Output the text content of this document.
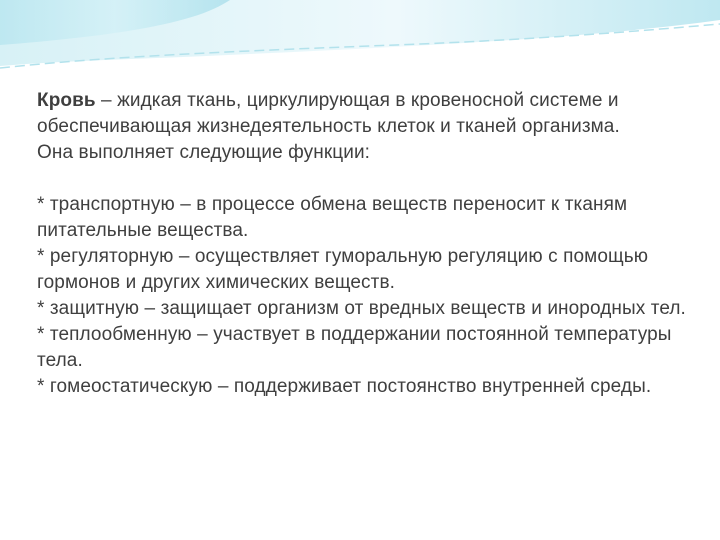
Кровь – жидкая ткань, циркулирующая в кровеносной системе и обеспечивающая жизнедеятельность клеток и тканей организма.

Она выполняет следующие функции:

* транспортную – в процессе обмена веществ переносит к тканям питательные вещества.

* регуляторную – осуществляет гуморальную регуляцию с помощью гормонов и других химических веществ.

* защитную – защищает организм от вредных веществ и инородных тел.

* теплообменную – участвует в поддержании постоянной температуры тела.

* гомеостатическую – поддерживает постоянство внутренней среды.
